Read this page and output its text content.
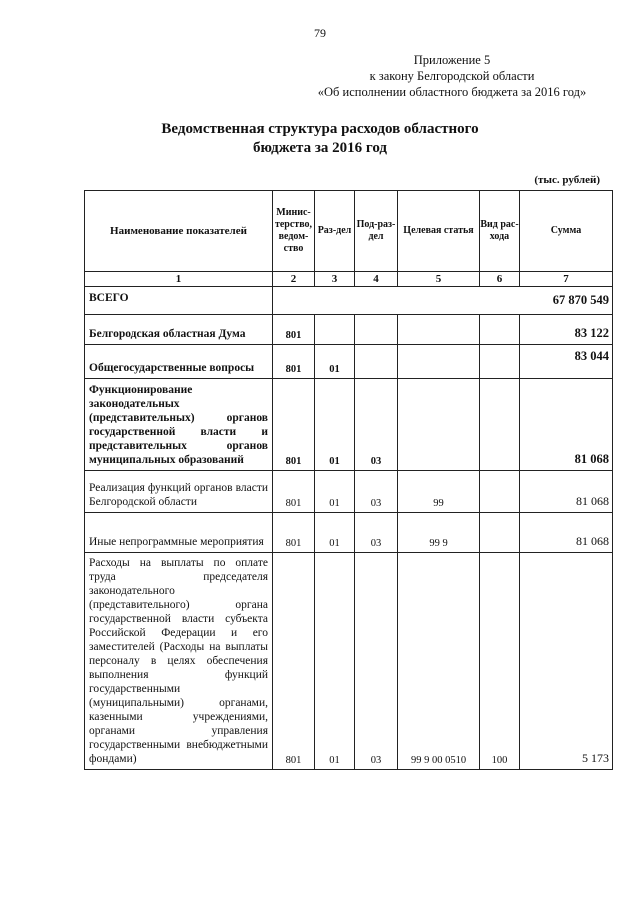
79
Приложение 5
к закону Белгородской области
«Об исполнении областного бюджета за 2016 год»
Ведомственная структура расходов областного
бюджета за 2016 год
(тыс. рублей)
Наименование показателей	Минис-терство, ведом-ство	Раз-дел	Под-раз-дел	Целевая статья	Вид рас-хода	Сумма
1	2	3	4	5	6	7
ВСЕГО	67 870 549					
Белгородская областная Дума	801					83 122
Общегосударственные вопросы	801	01				83 044
Функционирование законодательных (представительных) органов государственной власти и представительных органов муниципальных образований	801	01	03			81 068
Реализация функций органов власти Белгородской области	801	01	03	99		81 068
Иные непрограммные мероприятия	801	01	03	99 9		81 068
Расходы на выплаты по оплате труда председателя законодательного (представительного) органа государственной власти субъекта Российской Федерации и его заместителей (Расходы на выплаты персоналу в целях обеспечения выполнения функций государственными (муниципальными) органами, казенными учреждениями, органами управления государственными внебюджетными фондами)	801	01	03	99 9 00 0510	100	5 173
